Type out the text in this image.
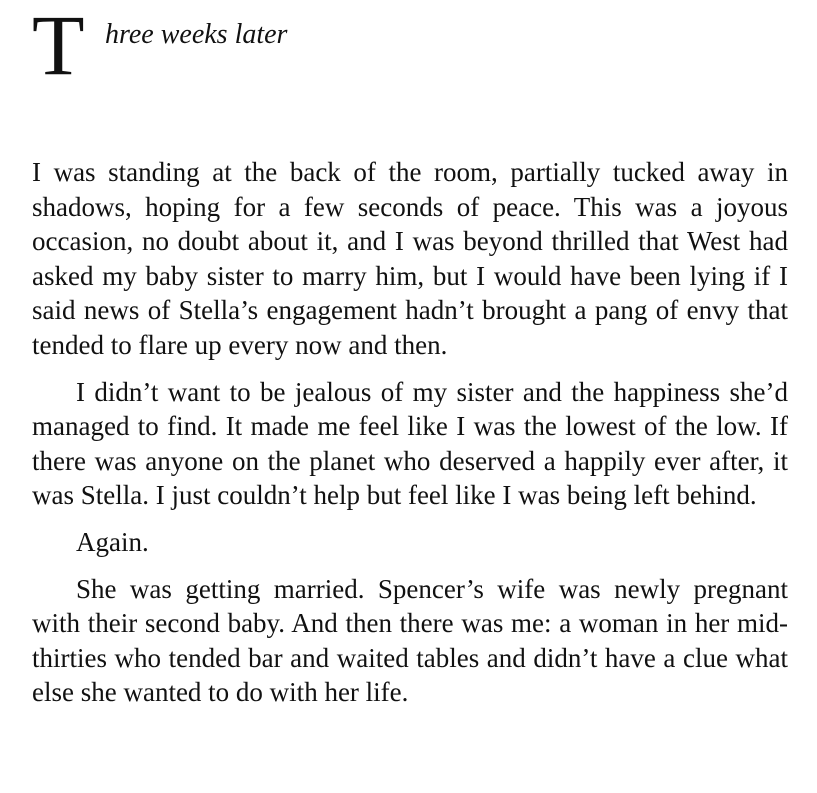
T hree weeks later

I was standing at the back of the room, partially tucked away in shadows, hoping for a few seconds of peace. This was a joyous occasion, no doubt about it, and I was beyond thrilled that West had asked my baby sister to marry him, but I would have been lying if I said news of Stella’s engagement hadn’t brought a pang of envy that tended to flare up every now and then.

I didn’t want to be jealous of my sister and the happiness she’d managed to find. It made me feel like I was the lowest of the low. If there was anyone on the planet who deserved a happily ever after, it was Stella. I just couldn’t help but feel like I was being left behind.

Again.

She was getting married. Spencer’s wife was newly pregnant with their second baby. And then there was me: a woman in her mid-thirties who tended bar and waited tables and didn’t have a clue what else she wanted to do with her life.
